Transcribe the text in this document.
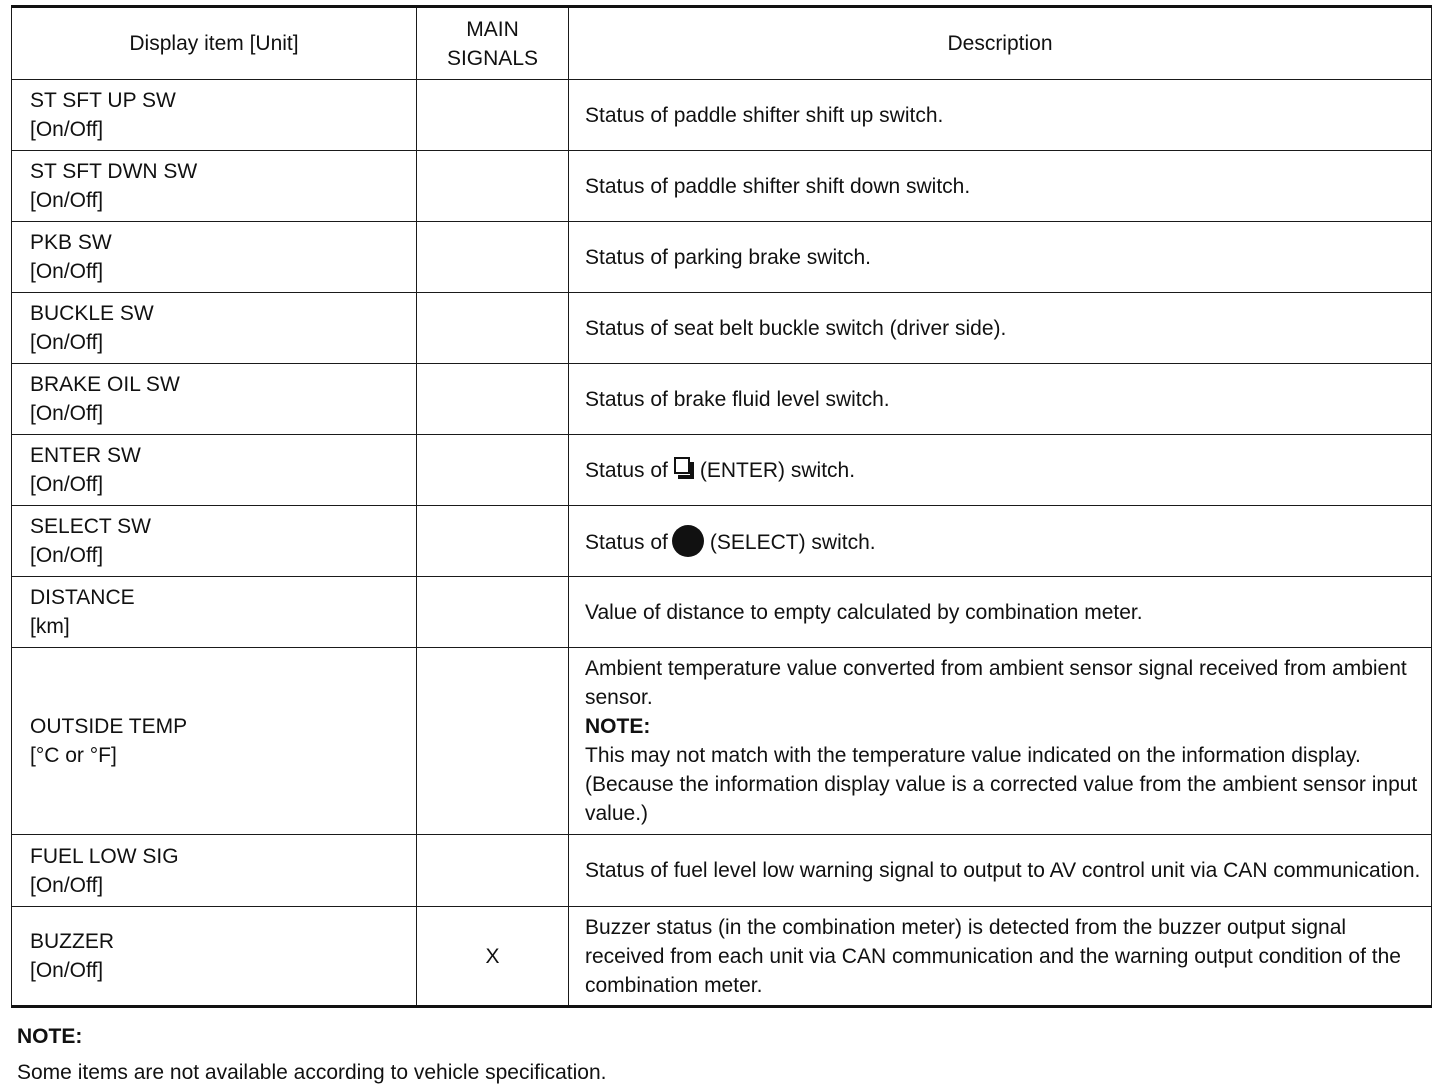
Display item [Unit]	MAIN
SIGNALS	Description

ST SFT UP SW
[On/Off]		Status of paddle shifter shift up switch.

ST SFT DWN SW
[On/Off]		Status of paddle shifter shift down switch.

PKB SW
[On/Off]		Status of parking brake switch.

BUCKLE SW
[On/Off]		Status of seat belt buckle switch (driver side).

BRAKE OIL SW
[On/Off]		Status of brake fluid level switch.

ENTER SW
[On/Off]		Status of (ENTER) switch.

SELECT SW
[On/Off]		Status of (SELECT) switch.

DISTANCE
[km]		Value of distance to empty calculated by combination meter.

OUTSIDE TEMP
[°C or °F]		Ambient temperature value converted from ambient sensor signal received from ambient sensor.
NOTE:
This may not match with the temperature value indicated on the information display. (Because the information display value is a corrected value from the ambient sensor input value.)

FUEL LOW SIG
[On/Off]		Status of fuel level low warning signal to output to AV control unit via CAN communication.

BUZZER
[On/Off]	X	Buzzer status (in the combination meter) is detected from the buzzer output signal received from each unit via CAN communication and the warning output condition of the combination meter.
NOTE:
Some items are not available according to vehicle specification.
